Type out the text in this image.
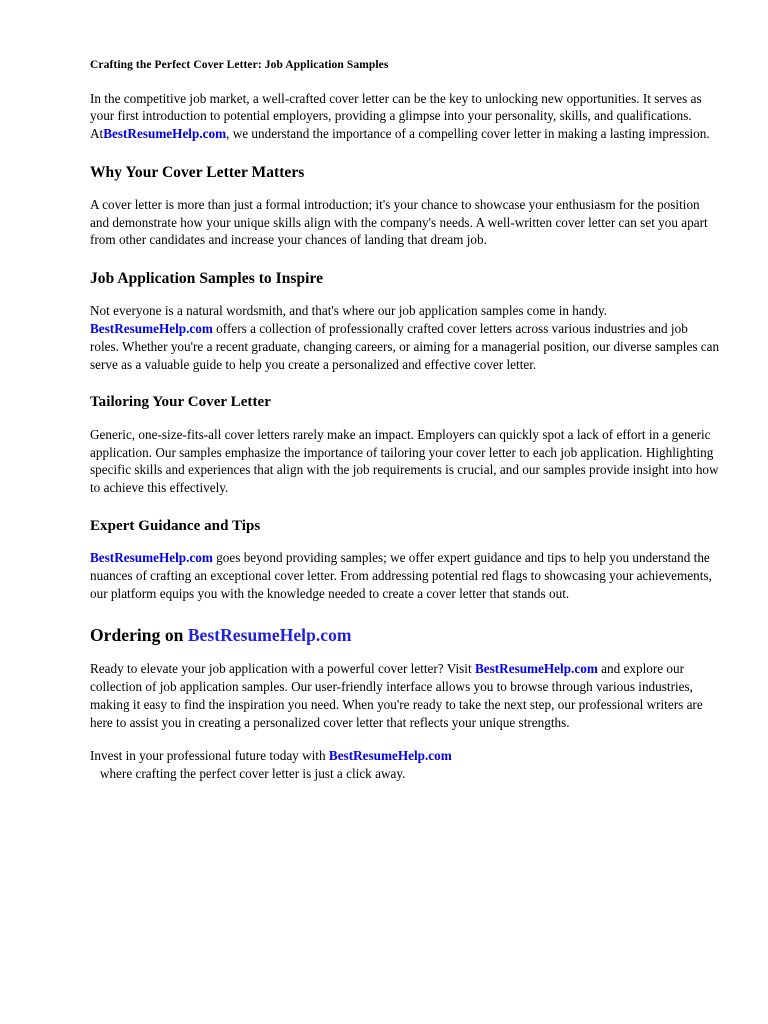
Crafting the Perfect Cover Letter: Job Application Samples

In the competitive job market, a well-crafted cover letter can be the key to unlocking new opportunities. It serves as your first introduction to potential employers, providing a glimpse into your personality, skills, and qualifications. AtBestResumeHelp.com, we understand the importance of a compelling cover letter in making a lasting impression.

Why Your Cover Letter Matters

A cover letter is more than just a formal introduction; it's your chance to showcase your enthusiasm for the position and demonstrate how your unique skills align with the company's needs. A well-written cover letter can set you apart from other candidates and increase your chances of landing that dream job.

Job Application Samples to Inspire

Not everyone is a natural wordsmith, and that's where our job application samples come in handy. BestResumeHelp.com offers a collection of professionally crafted cover letters across various industries and job roles. Whether you're a recent graduate, changing careers, or aiming for a managerial position, our diverse samples can serve as a valuable guide to help you create a personalized and effective cover letter.

Tailoring Your Cover Letter

Generic, one-size-fits-all cover letters rarely make an impact. Employers can quickly spot a lack of effort in a generic application. Our samples emphasize the importance of tailoring your cover letter to each job application. Highlighting specific skills and experiences that align with the job requirements is crucial, and our samples provide insight into how to achieve this effectively.

Expert Guidance and Tips

BestResumeHelp.com goes beyond providing samples; we offer expert guidance and tips to help you understand the nuances of crafting an exceptional cover letter. From addressing potential red flags to showcasing your achievements, our platform equips you with the knowledge needed to create a cover letter that stands out.

Ordering on BestResumeHelp.com

Ready to elevate your job application with a powerful cover letter? Visit BestResumeHelp.com and explore our collection of job application samples. Our user-friendly interface allows you to browse through various industries, making it easy to find the inspiration you need. When you're ready to take the next step, our professional writers are here to assist you in creating a personalized cover letter that reflects your unique strengths.

Invest in your professional future today with BestResumeHelp.com   where crafting the perfect cover letter is just a click away.
